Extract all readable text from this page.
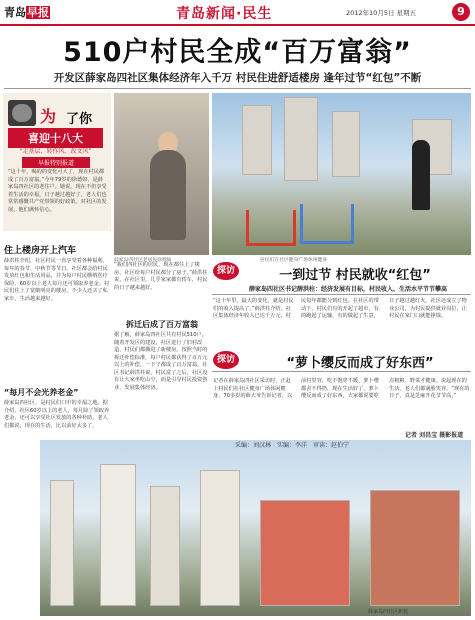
青岛早报	青岛新闻·民生	2012年10月5日 星期五	9
510户村民全成“百万富翁”
开发区薛家岛四社区集体经济年入千万 村民住进舒适楼房 逢年过节“红包”不断
为 了你
喜迎十八大
“走基层、转作风、改文风”
早报特别报道
“这十年，喝的的变化可大了，现在村民都成了百万富翁。”今年79岁的徐德如，是薛家岛四社区的老住户。她说，现在不但享受着生活的幸福，日子越过越好了，老人们也常常感慨共产党带领的好政策。对社区的发展，他们满怀信心。
薛家岛四社区老居民徐德如	居民们在社区健身广场休闲健身
探访	一到过节 村民就收“红包”
薛家岛四社区书记薛洪柱：经济发展有目标，村民收入、生活水平节节攀高
住上楼房开上汽车
薛洪柱介绍，社区村民一直享受着各种福利，每年的春节、中秋节等节日，社区都会给村民发放红包和生活用品，并为每户村民缴纳医疗保险，60岁以上老人每月还可领取养老金。村民们住上了宽敞明亮的楼房，不少人还买了私家车，生活越来越好。
“每月不会光养老金”
薛家岛四社区，是村民们口中的幸福之地。据介绍，社区60岁以上的老人，每月除了领取养老金，还可以享受社区发放的各种补助，老人们都说，现在的生活，比以前好太多了。
“我们四社区的居民，现在都住上了楼房，社区给每户村民都分了房子。”薛洪柱说，在社区里，几乎家家都有轿车，村民的日子越来越好。
拆迁后成了百万富翁
据了解，薛家岛四社区共有村民510户，随着开发区的建设，社区进行了旧村改造，村民们都搬进了新楼房。按照当时的拆迁补偿标准，每户村民都获得了百万元以上的补偿，一下子都成了百万富翁。社区书记薛洪柱说，村民富了之后，社区没有让大家坐吃山空，而是引导村民投资创业，发展集体经济。
“这十年里，最大的变化，就是村民们的收入提高了。”薛洪柱介绍，社区集体经济年收入已达千万元，村民每年都能分到红包。在社区的带动下，村民们有的开起了超市，有的跑起了运输，有的做起了生意，日子越过越红火。社区还成立了物业公司，为村民提供就业岗位，让村民在家门口就能挣钱。
探访	“萝卜缨反而成了好东西”
记者在薛家岛四社区采访时，正赶上村民们在社区健身广场休闲健身。70多岁的薛大爷告诉记者，以前村里穷，吃不饱穿不暖，萝卜缨都舍不得扔，现在生活好了，萝卜缨反而成了好东西，大家都说要吃点粗粮、野菜才健康。说起现在的生活，老人们都满脸笑容。“现在的日子，真是芝麻开花节节高。”
记者 刘昌宝 摄影报道
采编：刘汉林　实编：李洋　审读：赵伯宁
薛家岛四社区新貌
